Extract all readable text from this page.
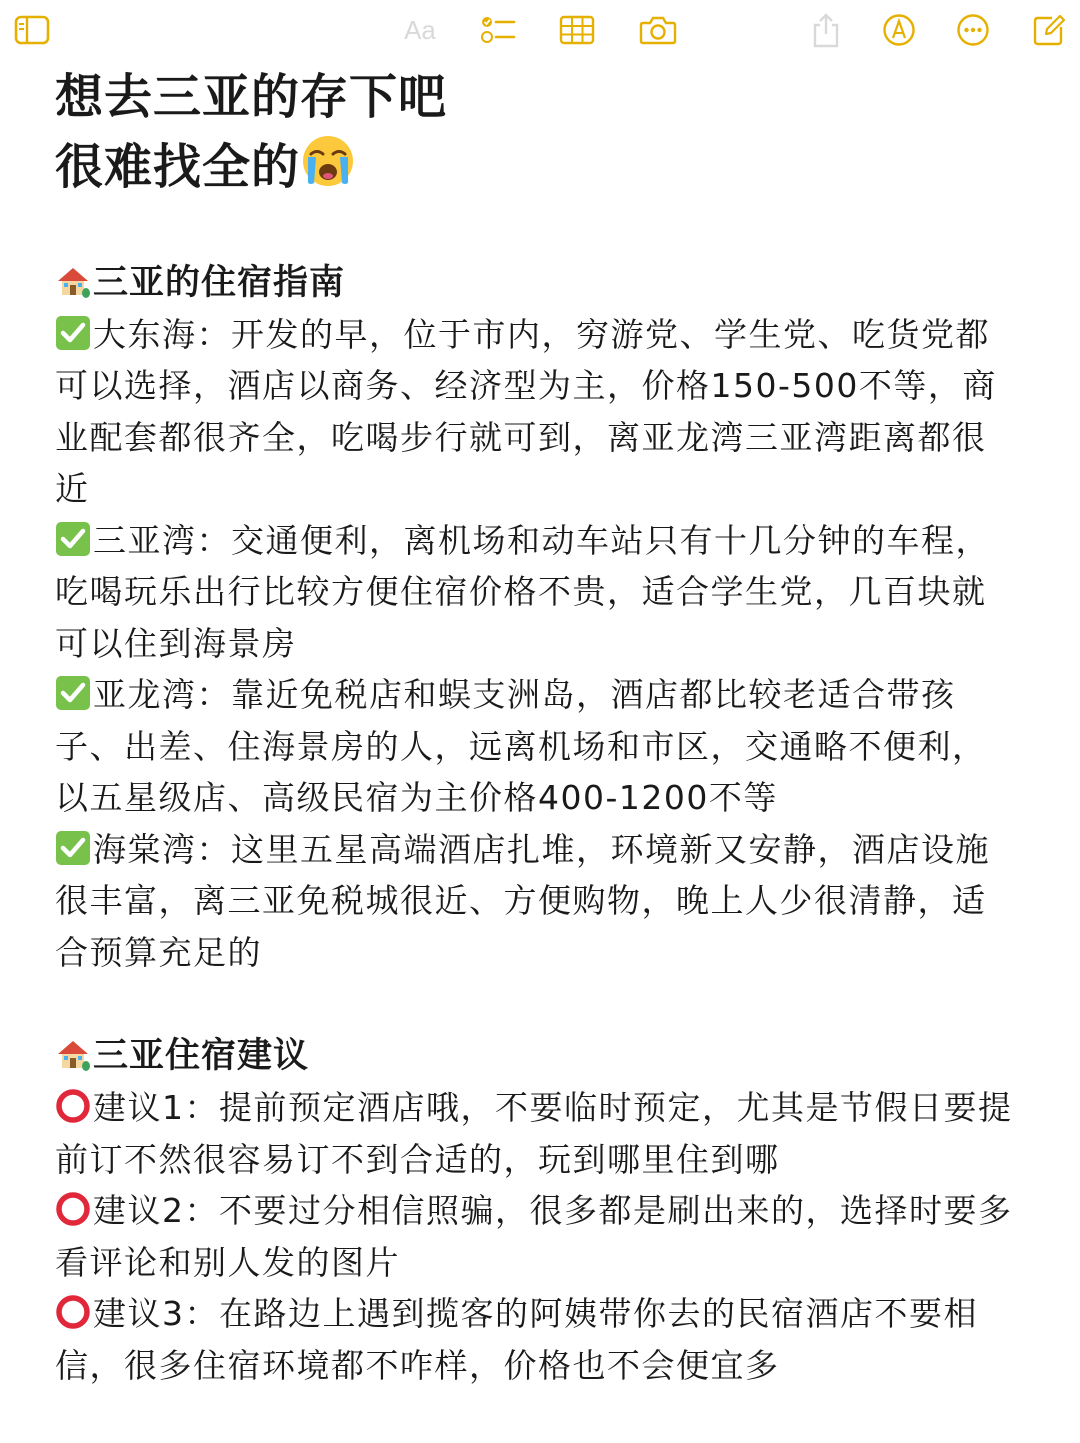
Aa
想去三亚的存下吧
很难找全的
三亚的住宿指南
大东海：开发的早，位于市内，穷游党、学生党、吃货党都可以选择，酒店以商务、经济型为主，价格150-500不等，商业配套都很齐全，吃喝步行就可到，离亚龙湾三亚湾距离都很近
三亚湾：交通便利，离机场和动车站只有十几分钟的车程，吃喝玩乐出行比较方便住宿价格不贵，适合学生党，几百块就可以住到海景房
亚龙湾：靠近免税店和蜈支洲岛，酒店都比较老适合带孩子、出差、住海景房的人，远离机场和市区，交通略不便利，以五星级店、高级民宿为主价格400-1200不等
海棠湾：这里五星高端酒店扎堆，环境新又安静，酒店设施很丰富，离三亚免税城很近、方便购物，晚上人少很清静，适合预算充足的
三亚住宿建议
建议1：提前预定酒店哦，不要临时预定，尤其是节假日要提前订不然很容易订不到合适的，玩到哪里住到哪
建议2：不要过分相信照骗，很多都是刷出来的，选择时要多看评论和别人发的图片
建议3：在路边上遇到揽客的阿姨带你去的民宿酒店不要相信，很多住宿环境都不咋样，价格也不会便宜多
